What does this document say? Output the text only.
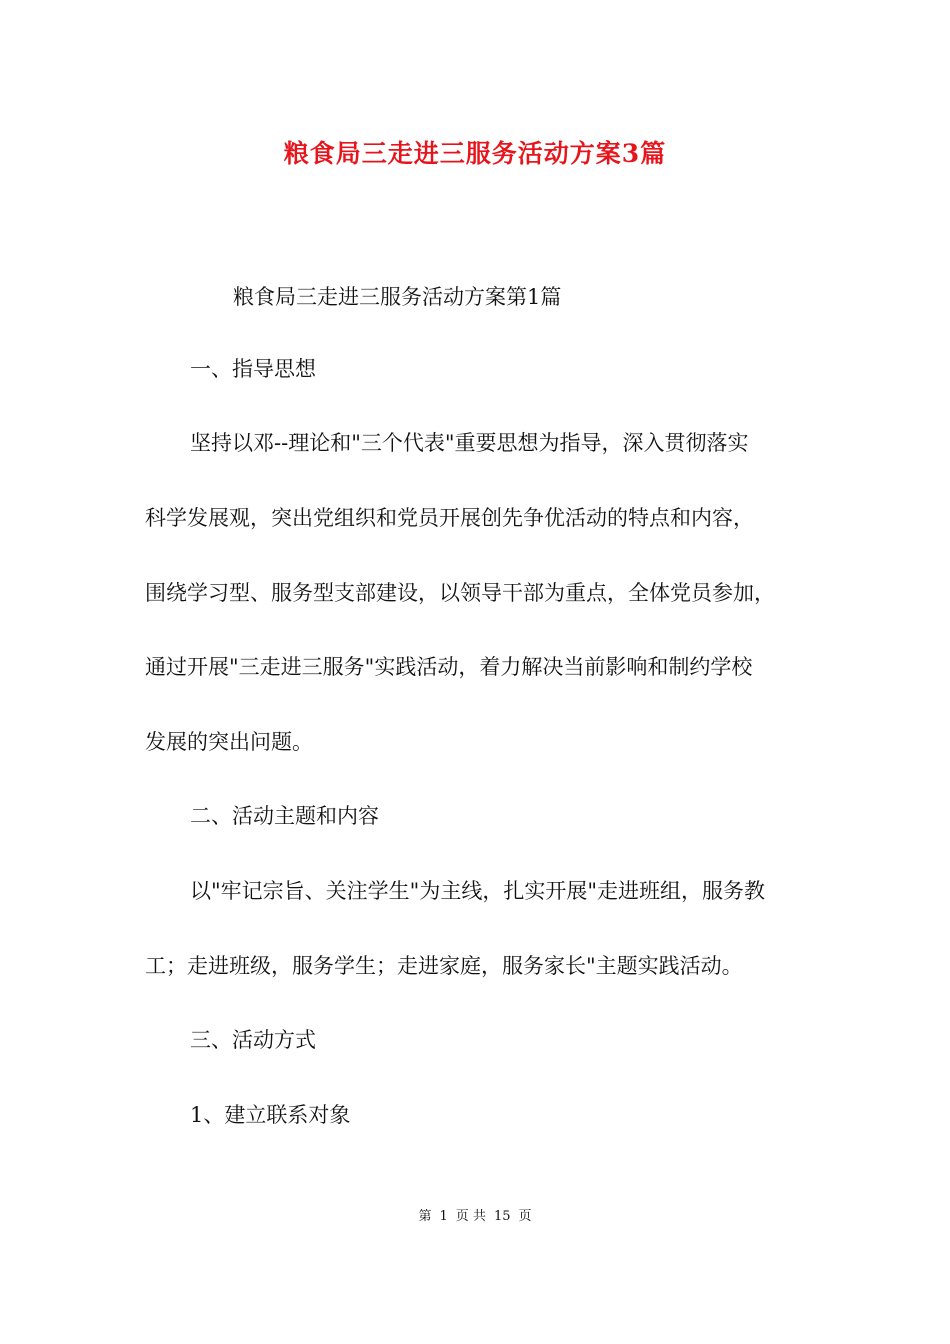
粮食局三走进三服务活动方案3篇
粮食局三走进三服务活动方案第1篇
一、指导思想
坚持以邓--理论和"三个代表"重要思想为指导，深入贯彻落实
科学发展观，突出党组织和党员开展创先争优活动的特点和内容，
围绕学习型、服务型支部建设，以领导干部为重点，全体党员参加，
通过开展"三走进三服务"实践活动，着力解决当前影响和制约学校
发展的突出问题。
二、活动主题和内容
以"牢记宗旨、关注学生"为主线，扎实开展"走进班组，服务教
工；走进班级，服务学生；走进家庭，服务家长"主题实践活动。
三、活动方式
1、建立联系对象
第 1 页 共 15 页
